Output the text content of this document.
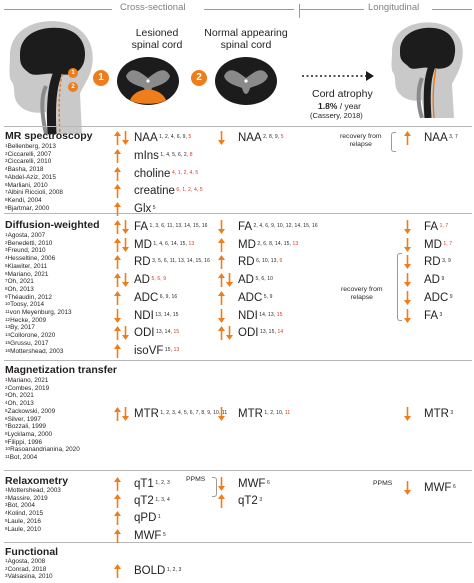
Cross-sectional	Longitudinal
1
2
1
Lesioned
spinal cord
2
Normal appearing
spinal cord
Cord atrophy
1.8% / year
(Cassery, 2018)
MR spectroscopy
$^1$Bellenberg, 2013
$^2$Ciccarelli, 2007
$^3$Ciccarelli, 2010
$^4$Basha, 2018
$^5$Abdel-Aziz, 2015
$^6$Marliani, 2010
$^7$Albini Riccioli, 2008
$^8$Kendi, 2004
$^9$Bjartmar, 2000
Diffusion-weighted
$^1$Agosta, 2007
$^2$Benedetti, 2010
$^3$Freund, 2010
$^4$Hesseltine, 2006
$^5$Klawiter, 2011
$^6$Mariano, 2021
$^7$Oh, 2021
$^8$Oh, 2013
$^9$Théaudin, 2012
$^{10}$Toosy, 2014
$^{11}$von Meyenburg, 2013
$^{12}$Hecke, 2009
$^{13}$By, 2017
$^{14}$Collorone, 2020
$^{15}$Grussu, 2017
$^{16}$Mottershead, 2003
Magnetization transfer
$^1$Mariano, 2021
$^2$Combes, 2019
$^3$Oh, 2021
$^4$Oh, 2013
$^5$Zackowski, 2009
$^6$Silver, 1997
$^7$Bozzali, 1999
$^8$Lycklama, 2000
$^9$Filippi, 1996
$^{10}$Rasoanandrianina, 2020
$^{11}$Bot, 2004
Relaxometry
$^1$Mottershead, 2003
$^2$Massire, 2019
$^3$Bot, 2004
$^4$Kolind, 2015
$^5$Laule, 2016
$^6$Laule, 2010
Functional
$^1$Agosta, 2008
$^2$Conrad, 2018
$^3$Valsasina, 2010
recovery from
relapse
recovery from
relapse
PPMS
PPMS
NAA $^{1, 2, 4, 6, 9, 5}$
mIns $^{1, 4, 5, 6, 2, 8}$
choline $^{4, 1, 2, 4, 5}$
creatine $^{6, 1, 2, 4, 5}$
Glx $^5$
FA $^{1, 3, 6, 11, 13, 14, 15, 16}$
MD $^{1, 4, 6, 14, 15, 13}$
RD $^{3, 5, 6, 11, 13, 14, 15, 16}$
AD $^{5, 6, 9}$
ADC $^{6, 9, 16}$
NDI $^{13, 14, 15}$
ODI $^{13, 14, 15}$
isoVF $^{15, 13}$
MTR $^{1, 2, 3, 4, 5, 6, 7, 8, 9, 10, 11}$
qT1 $^{1, 2, 3}$
qT2 $^{1, 3, 4}$
qPD $^1$
MWF $^5$
BOLD $^{1, 2, 3}$
NAA $^{2, 8, 9, 5}$
FA $^{2, 4, 6, 9, 10, 12, 14, 15, 16}$
MD $^{2, 6, 8, 14, 15, 13}$
RD $^{6, 10, 13, 6}$
AD $^{5, 6, 10}$
ADC $^{5, 9}$
NDI $^{14, 13, 15}$
ODI $^{13, 15, 14}$
MTR $^{1, 2, 10, 11}$
MWF $^6$
qT2 $^3$
NAA $^{3, 7}$
FA $^{1, 7}$
MD $^{1, 7}$
RD $^{3, 9}$
AD $^9$
ADC $^9$
FA $^3$
MTR $^3$
MWF $^6$
